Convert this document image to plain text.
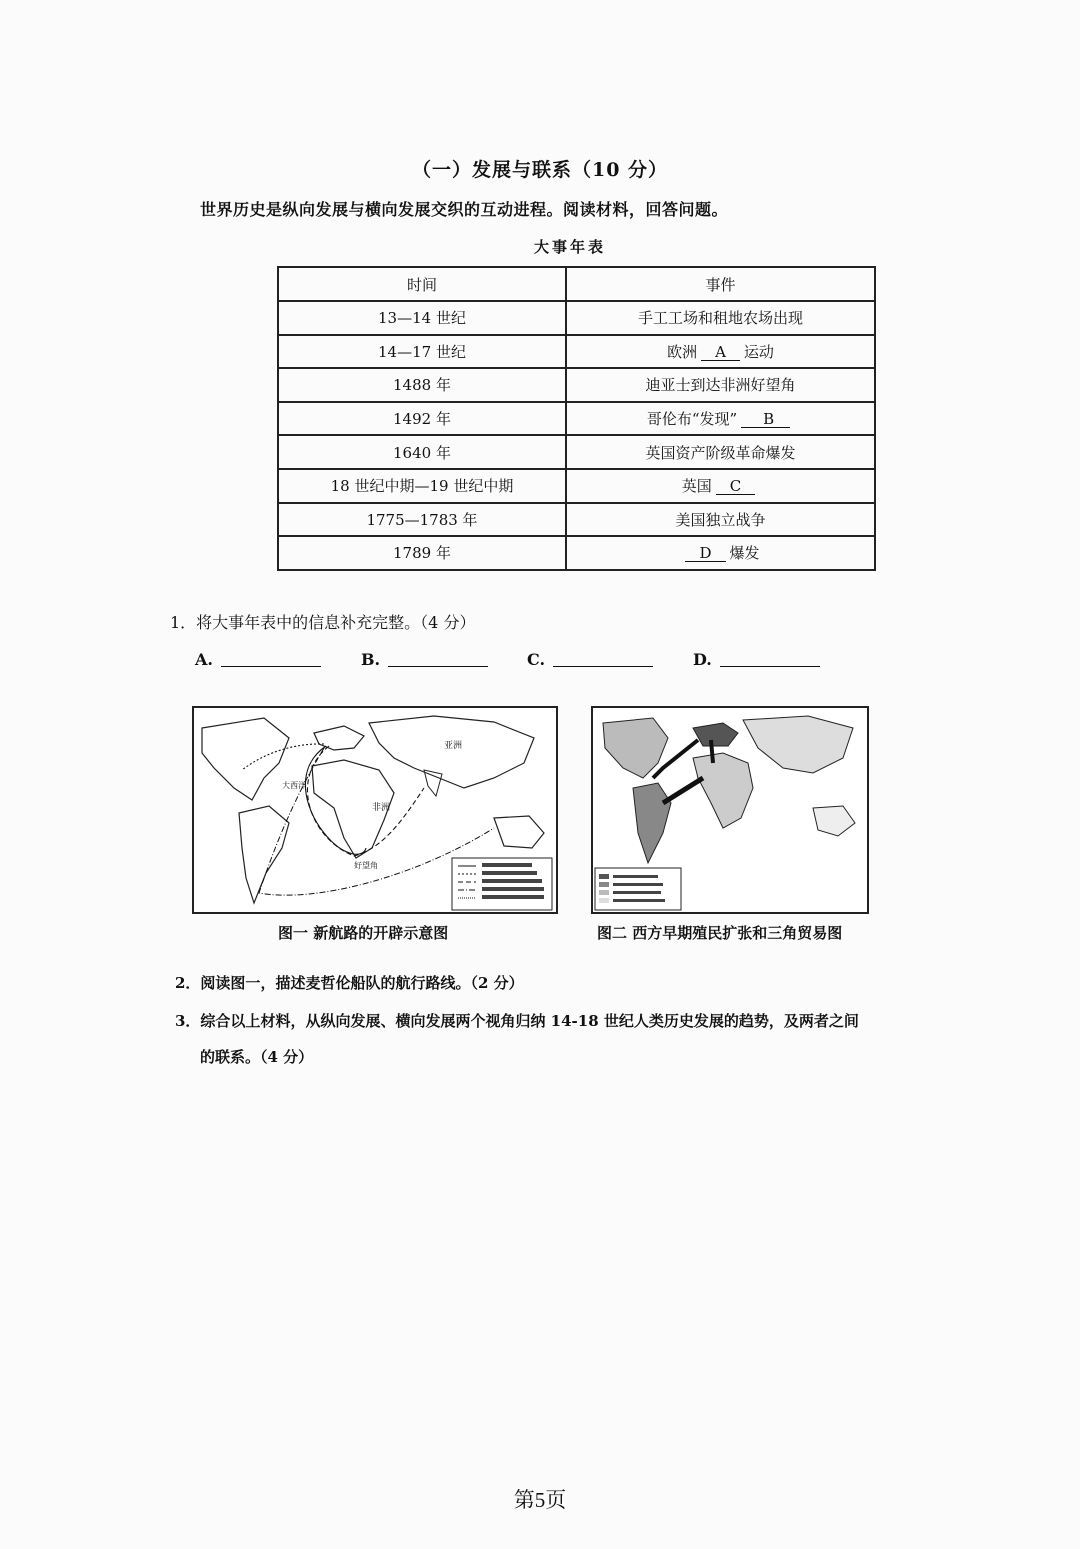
（一）发展与联系（10 分）
世界历史是纵向发展与横向发展交织的互动进程。阅读材料，回答问题。
大事年表
时间	事件
13—14 世纪	手工工场和租地农场出现
14—17 世纪	欧洲 A 运动
1488 年	迪亚士到达非洲好望角
1492 年	哥伦布“发现” B
1640 年	英国资产阶级革命爆发
18 世纪中期—19 世纪中期	英国 C
1775—1783 年	美国独立战争
1789 年	D 爆发
1．将大事年表中的信息补充完整。（4 分）
A.	B.	C.	D.
非洲
亚洲
好望角
大西洋
图一 新航路的开辟示意图	图二 西方早期殖民扩张和三角贸易图
2．阅读图一，描述麦哲伦船队的航行路线。（2 分）
3．综合以上材料，从纵向发展、横向发展两个视角归纳 14-18 世纪人类历史发展的趋势，及两者之间
的联系。（4 分）
第5页
